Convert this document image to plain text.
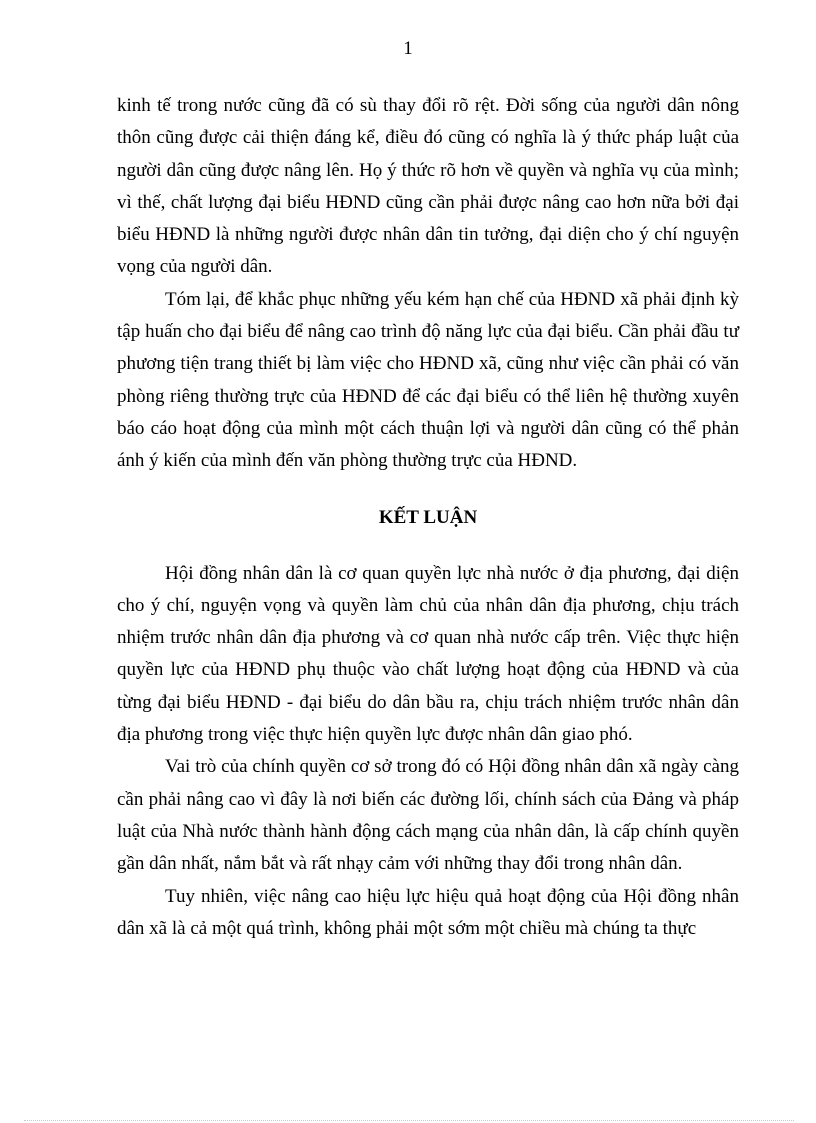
1

kinh tế trong nước cũng đã có sù thay đổi rõ rệt. Đời sống của người dân nông thôn cũng được cải thiện đáng kể, điều đó cũng có nghĩa là ý thức pháp luật của người dân cũng được nâng lên. Họ ý thức rõ hơn về quyền và nghĩa vụ của mình; vì thế, chất lượng đại biểu HĐND cũng cần phải được nâng cao hơn nữa bởi đại biểu HĐND là những người được nhân dân tin tưởng, đại diện cho ý chí nguyện vọng của người dân.

Tóm lại, để khắc phục những yếu kém hạn chế của HĐND xã phải định kỳ tập huấn cho đại biểu để nâng cao trình độ năng lực của đại biểu. Cần phải đầu tư phương tiện trang thiết bị làm việc cho HĐND xã, cũng như việc cần phải có văn phòng riêng thường trực của HĐND để các đại biểu có thể liên hệ thường xuyên báo cáo hoạt động của mình một cách thuận lợi và người dân cũng có thể phản ánh ý kiến của mình đến văn phòng thường trực của HĐND.

KẾT LUẬN

Hội đồng nhân dân là cơ quan quyền lực nhà nước ở địa phương, đại diện cho ý chí, nguyện vọng và quyền làm chủ của nhân dân địa phương, chịu trách nhiệm trước nhân dân địa phương và cơ quan nhà nước cấp trên. Việc thực hiện quyền lực của HĐND phụ thuộc vào chất lượng hoạt động của HĐND và của từng đại biểu HĐND - đại biểu do dân bầu ra, chịu trách nhiệm trước nhân dân địa phương trong việc thực hiện quyền lực được nhân dân giao phó.

Vai trò của chính quyền cơ sở trong đó có Hội đồng nhân dân xã ngày càng cần phải nâng cao vì đây là nơi biến các đường lối, chính sách của Đảng và pháp luật của Nhà nước thành hành động cách mạng của nhân dân, là cấp chính quyền gần dân nhất, nắm bắt và rất nhạy cảm với những thay đổi trong nhân dân.

Tuy nhiên, việc nâng cao hiệu lực hiệu quả hoạt động của Hội đồng nhân dân xã là cả một quá trình, không phải một sớm một chiều mà chúng ta thực
